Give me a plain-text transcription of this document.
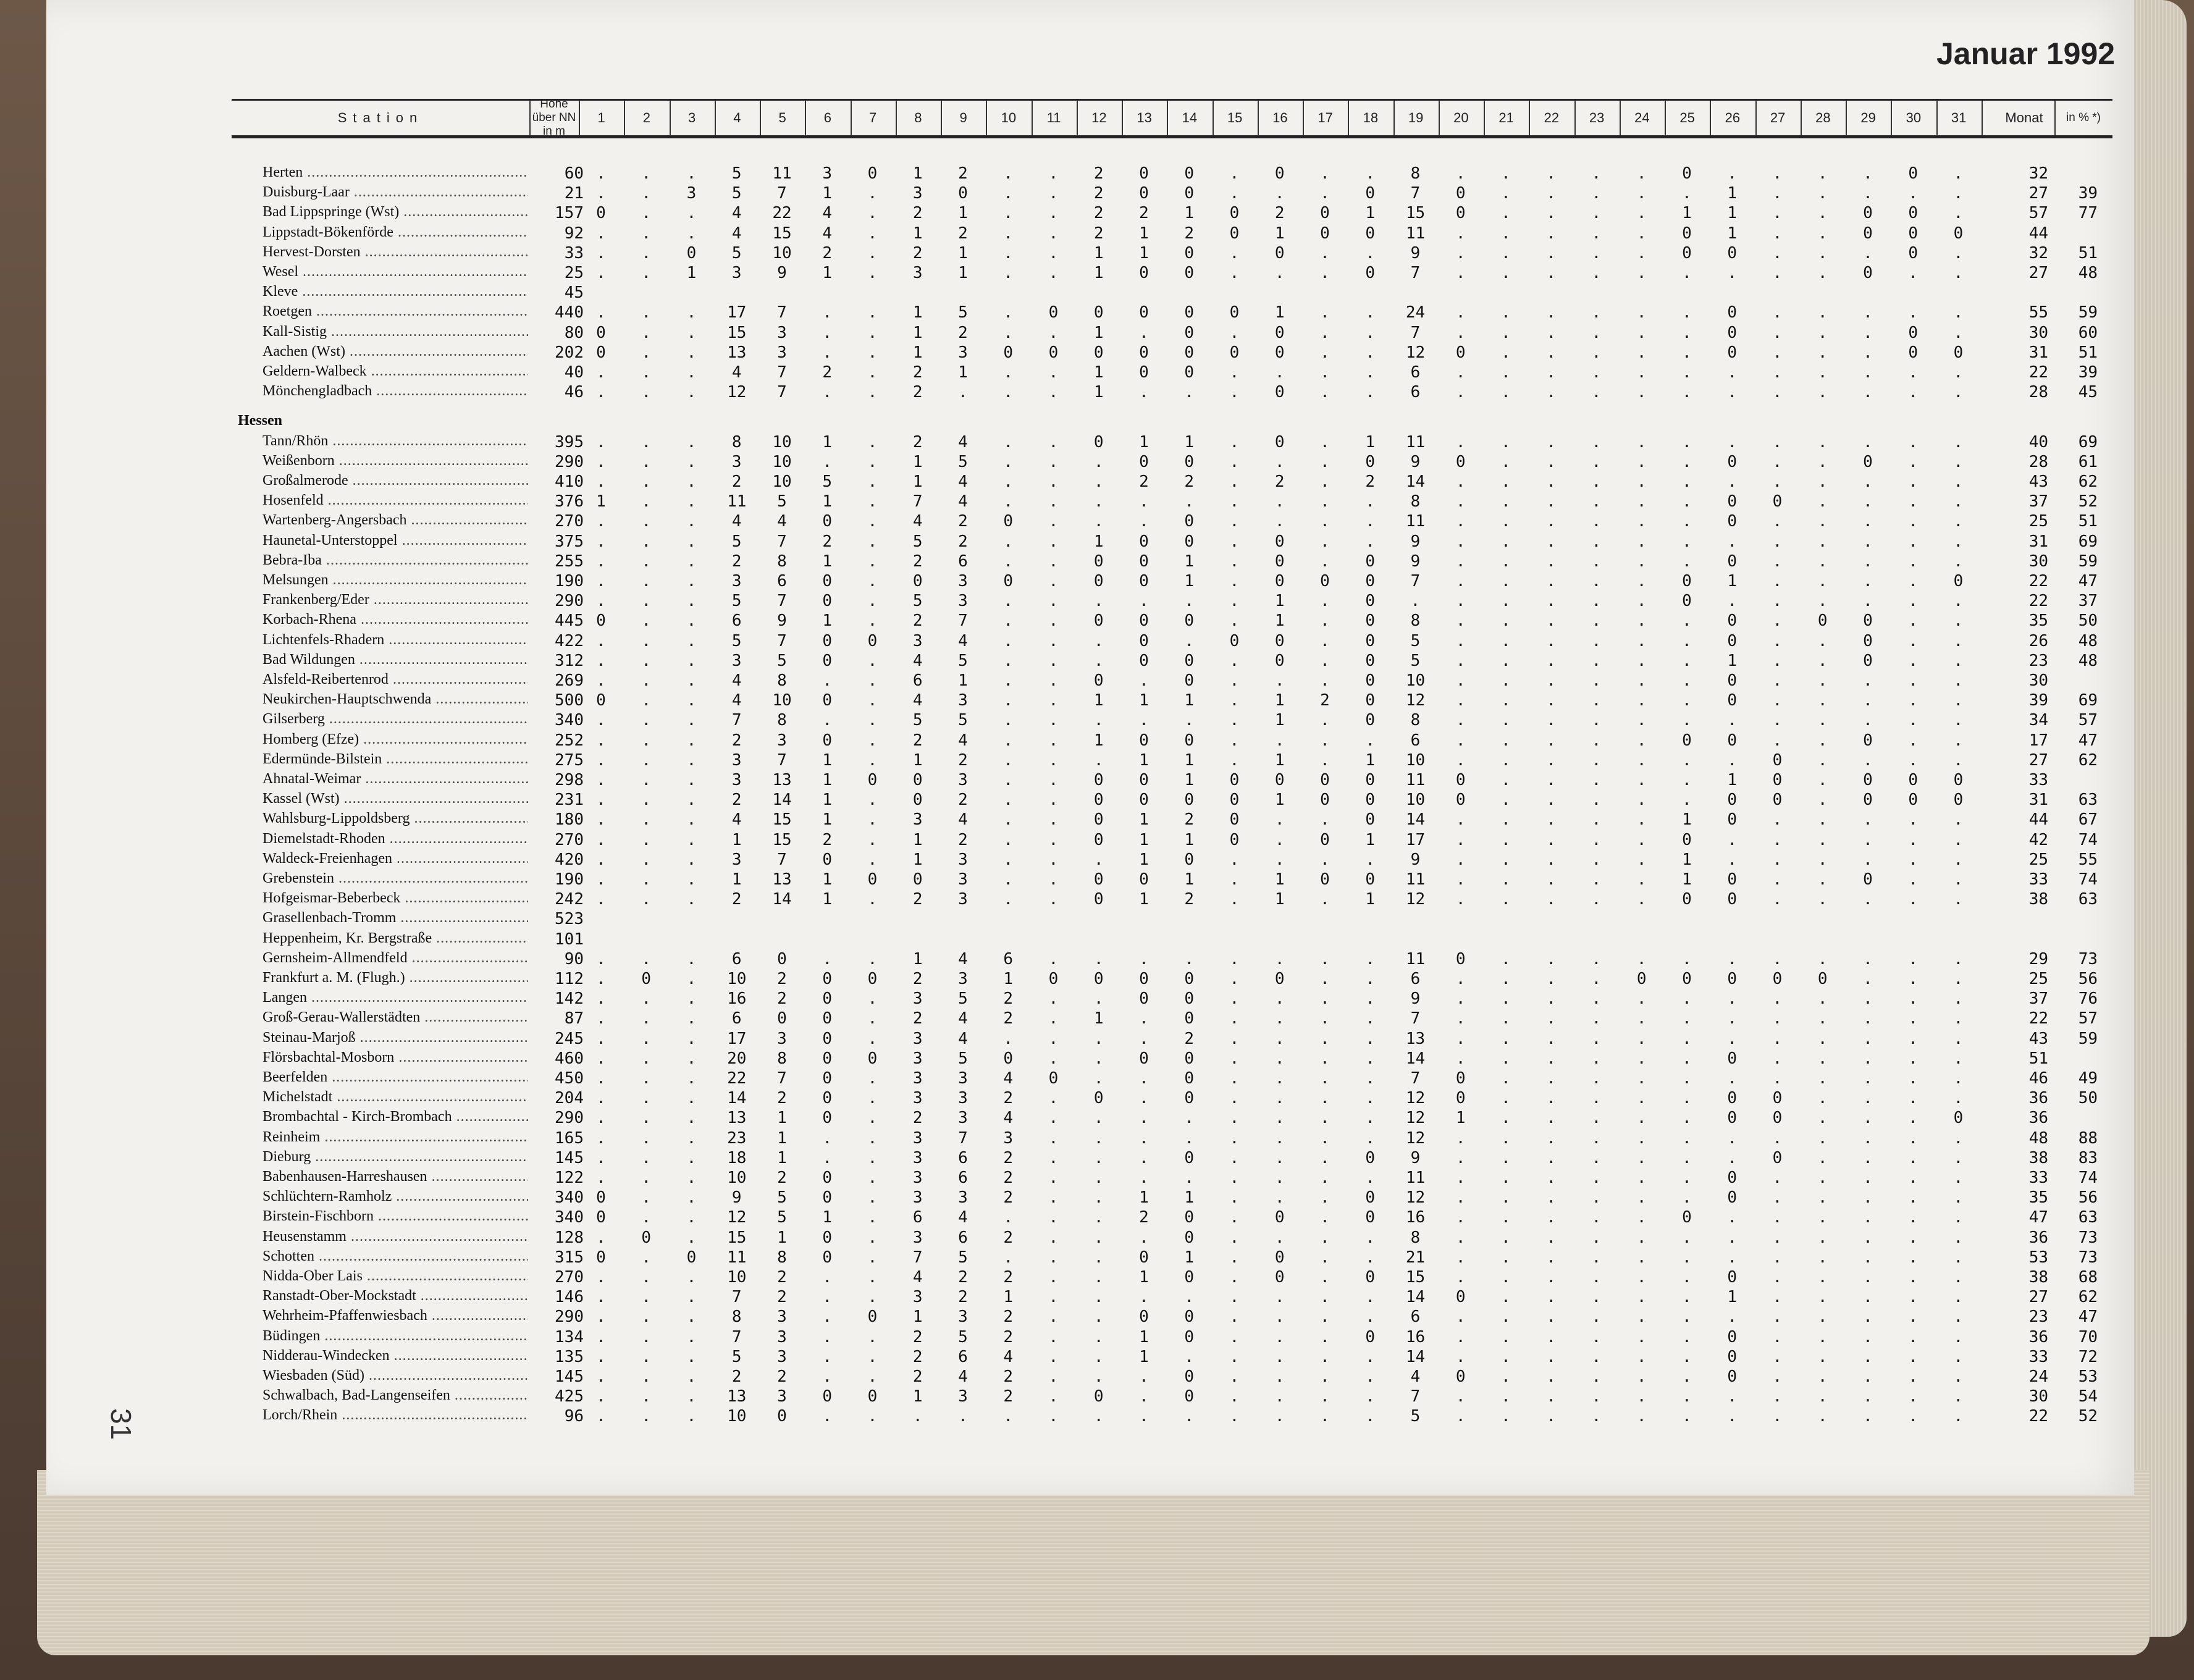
Januar 1992
31
Station
Höhe über NN in m
1	2	3	4	5	6	7	8	9	10	11	12	13	14	15	16	17	18	19	20	21	22	23	24	25	26	27	28	29	30	31	Monat	in % *)
Herten .....	60 .	.	.	5	11	3	0	1	2	.	.	2	0	0	.	0	.	.	8	.	.	.	.	.	0	.	.	.	.	0	.	32
Duisburg-Laar .....	21 .	.	3	5	7	1	.	3	0	.	.	2	0	0	.	.	.	0	7	0	.	.	.	.	.	1	.	.	.	.	.	27	39
Bad Lippspringe (Wst) .....	157 0	.	.	4	22	4	.	2	1	.	.	2	2	1	0	2	0	1	15	0	.	.	.	.	1	1	.	.	0	0	.	57	77
Lippstadt-Bökenförde .....	92 .	.	.	4	15	4	.	1	2	.	.	2	1	2	0	1	0	0	11	.	.	.	.	.	0	1	.	.	0	0	0	44
Hervest-Dorsten .....	33 .	.	0	5	10	2	.	2	1	.	.	1	1	0	.	0	.	.	9	.	.	.	.	.	0	0	.	.	.	0	.	32	51
Wesel .....	25 .	.	1	3	9	1	.	3	1	.	.	1	0	0	.	.	.	0	7	.	.	.	.	.	.	.	.	.	0	.	.	27	48
Kleve .....	45
Roetgen .....	440 .	.	.	17	7	.	.	1	5	.	0	0	0	0	0	1	.	.	24	.	.	.	.	.	.	0	.	.	.	.	.	55	59
Kall-Sistig .....	80 0	.	.	15	3	.	.	1	2	.	.	1	.	0	.	0	.	.	7	.	.	.	.	.	.	0	.	.	.	0	.	30	60
Aachen (Wst) .....	202 0	.	.	13	3	.	.	1	3	0	0	0	0	0	0	0	.	.	12	0	.	.	.	.	.	0	.	.	.	0	0	31	51
Geldern-Walbeck .....	40 .	.	.	4	7	2	.	2	1	.	.	1	0	0	.	.	.	.	6	.	.	.	.	.	.	.	.	.	.	.	.	22	39
Mönchengladbach .....	46 .	.	.	12	7	.	.	2	.	.	.	1	.	.	.	0	.	.	6	.	.	.	.	.	.	.	.	.	.	.	.	28	45
Hessen
Tann/Rhön .....	395 .	.	.	8	10	1	.	2	4	.	.	0	1	1	.	0	.	1	11	.	.	.	.	.	.	.	.	.	.	.	.	40	69
Weißenborn .....	290 .	.	.	3	10	.	.	1	5	.	.	.	0	0	.	.	.	0	9	0	.	.	.	.	.	0	.	.	0	.	.	28	61
Großalmerode .....	410 .	.	.	2	10	5	.	1	4	.	.	.	2	2	.	2	.	2	14	.	.	.	.	.	.	.	.	.	.	.	.	43	62
Hosenfeld .....	376 1	.	.	11	5	1	.	7	4	.	.	.	.	.	.	.	.	.	8	.	.	.	.	.	.	0	0	.	.	.	.	37	52
Wartenberg-Angersbach .....	270 .	.	.	4	4	0	.	4	2	0	.	.	.	0	.	.	.	.	11	.	.	.	.	.	.	0	.	.	.	.	.	25	51
Haunetal-Unterstoppel .....	375 .	.	.	5	7	2	.	5	2	.	.	1	0	0	.	0	.	.	9	.	.	.	.	.	.	.	.	.	.	.	.	31	69
Bebra-Iba .....	255 .	.	.	2	8	1	.	2	6	.	.	0	0	1	.	0	.	0	9	.	.	.	.	.	.	0	.	.	.	.	.	30	59
Melsungen .....	190 .	.	.	3	6	0	.	0	3	0	.	0	0	1	.	0	0	0	7	.	.	.	.	.	0	1	.	.	.	.	0	22	47
Frankenberg/Eder .....	290 .	.	.	5	7	0	.	5	3	.	.	.	.	.	.	1	.	0	.	.	.	.	.	.	0	.	.	.	.	.	.	22	37
Korbach-Rhena .....	445 0	.	.	6	9	1	.	2	7	.	.	0	0	0	.	1	.	0	8	.	.	.	.	.	.	0	.	0	0	.	.	35	50
Lichtenfels-Rhadern .....	422 .	.	.	5	7	0	0	3	4	.	.	.	0	.	0	0	.	0	5	.	.	.	.	.	.	0	.	.	0	.	.	26	48
Bad Wildungen .....	312 .	.	.	3	5	0	.	4	5	.	.	.	0	0	.	0	.	0	5	.	.	.	.	.	.	1	.	.	0	.	.	23	48
Alsfeld-Reibertenrod .....	269 .	.	.	4	8	.	.	6	1	.	.	0	.	0	.	.	.	0	10	.	.	.	.	.	.	0	.	.	.	.	.	30
Neukirchen-Hauptschwenda .....	500 0	.	.	4	10	0	.	4	3	.	.	1	1	1	.	1	2	0	12	.	.	.	.	.	.	0	.	.	.	.	.	39	69
Gilserberg .....	340 .	.	.	7	8	.	.	5	5	.	.	.	.	.	.	1	.	0	8	.	.	.	.	.	.	.	.	.	.	.	.	34	57
Homberg (Efze) .....	252 .	.	.	2	3	0	.	2	4	.	.	1	0	0	.	.	.	.	6	.	.	.	.	.	0	0	.	.	0	.	.	17	47
Edermünde-Bilstein .....	275 .	.	.	3	7	1	.	1	2	.	.	.	1	1	.	1	.	1	10	.	.	.	.	.	.	.	0	.	.	.	.	27	62
Ahnatal-Weimar .....	298 .	.	.	3	13	1	0	0	3	.	.	0	0	1	0	0	0	0	11	0	.	.	.	.	.	1	0	.	0	0	0	33
Kassel (Wst) .....	231 .	.	.	2	14	1	.	0	2	.	.	0	0	0	0	1	0	0	10	0	.	.	.	.	.	0	0	.	0	0	0	31	63
Wahlsburg-Lippoldsberg .....	180 .	.	.	4	15	1	.	3	4	.	.	0	1	2	0	.	.	0	14	.	.	.	.	.	1	0	.	.	.	.	.	44	67
Diemelstadt-Rhoden .....	270 .	.	.	1	15	2	.	1	2	.	.	0	1	1	0	.	0	1	17	.	.	.	.	.	0	.	.	.	.	.	.	42	74
Waldeck-Freienhagen .....	420 .	.	.	3	7	0	.	1	3	.	.	.	1	0	.	.	.	.	9	.	.	.	.	.	1	.	.	.	.	.	.	25	55
Grebenstein .....	190 .	.	.	1	13	1	0	0	3	.	.	0	0	1	.	1	0	0	11	.	.	.	.	.	1	0	.	.	0	.	.	33	74
Hofgeismar-Beberbeck .....	242 .	.	.	2	14	1	.	2	3	.	.	0	1	2	.	1	.	1	12	.	.	.	.	.	0	0	.	.	.	.	.	38	63
Grasellenbach-Tromm .....	523
Heppenheim, Kr. Bergstraße .....	101
Gernsheim-Allmendfeld .....	90 .	.	.	6	0	.	.	1	4	6	.	.	.	.	.	.	.	.	11	0	.	.	.	.	.	.	.	.	.	.	.	29	73
Frankfurt a. M. (Flugh.) .....	112 .	0	.	10	2	0	0	2	3	1	0	0	0	0	.	0	.	.	6	.	.	.	.	0	0	0	0	0	.	.	.	25	56
Langen .....	142 .	.	.	16	2	0	.	3	5	2	.	.	0	0	.	.	.	.	9	.	.	.	.	.	.	.	.	.	.	.	.	37	76
Groß-Gerau-Wallerstädten .....	87 .	.	.	6	0	0	.	2	4	2	.	1	.	0	.	.	.	.	7	.	.	.	.	.	.	.	.	.	.	.	.	22	57
Steinau-Marjoß .....	245 .	.	.	17	3	0	.	3	4	.	.	.	.	2	.	.	.	.	13	.	.	.	.	.	.	.	.	.	.	.	.	43	59
Flörsbachtal-Mosborn .....	460 .	.	.	20	8	0	0	3	5	0	.	.	0	0	.	.	.	.	14	.	.	.	.	.	.	0	.	.	.	.	.	51
Beerfelden .....	450 .	.	.	22	7	0	.	3	3	4	0	.	.	0	.	.	.	.	7	0	.	.	.	.	.	.	.	.	.	.	.	46	49
Michelstadt .....	204 .	.	.	14	2	0	.	3	3	2	.	0	.	0	.	.	.	.	12	0	.	.	.	.	.	0	0	.	.	.	.	36	50
Brombachtal - Kirch-Brombach .....	290 .	.	.	13	1	0	.	2	3	4	.	.	.	.	.	.	.	.	12	1	.	.	.	.	.	0	0	.	.	.	0	36
Reinheim .....	165 .	.	.	23	1	.	.	3	7	3	.	.	.	.	.	.	.	.	12	.	.	.	.	.	.	.	.	.	.	.	.	48	88
Dieburg .....	145 .	.	.	18	1	.	.	3	6	2	.	.	.	0	.	.	.	0	9	.	.	.	.	.	.	.	0	.	.	.	.	38	83
Babenhausen-Harreshausen .....	122 .	.	.	10	2	0	.	3	6	2	.	.	.	.	.	.	.	.	11	.	.	.	.	.	.	0	.	.	.	.	.	33	74
Schlüchtern-Ramholz .....	340 0	.	.	9	5	0	.	3	3	2	.	.	1	1	.	.	.	0	12	.	.	.	.	.	.	0	.	.	.	.	.	35	56
Birstein-Fischborn .....	340 0	.	.	12	5	1	.	6	4	.	.	.	2	0	.	0	.	0	16	.	.	.	.	.	0	.	.	.	.	.	.	47	63
Heusenstamm .....	128 .	0	.	15	1	0	.	3	6	2	.	.	.	0	.	.	.	.	8	.	.	.	.	.	.	.	.	.	.	.	.	36	73
Schotten .....	315 0	.	0	11	8	0	.	7	5	.	.	.	0	1	.	0	.	.	21	.	.	.	.	.	.	.	.	.	.	.	.	53	73
Nidda-Ober Lais .....	270 .	.	.	10	2	.	.	4	2	2	.	.	1	0	.	0	.	0	15	.	.	.	.	.	.	0	.	.	.	.	.	38	68
Ranstadt-Ober-Mockstadt .....	146 .	.	.	7	2	.	.	3	2	1	.	.	.	.	.	.	.	.	14	0	.	.	.	.	.	1	.	.	.	.	.	27	62
Wehrheim-Pfaffenwiesbach .....	290 .	.	.	8	3	.	0	1	3	2	.	.	0	0	.	.	.	.	6	.	.	.	.	.	.	.	.	.	.	.	.	23	47
Büdingen .....	134 .	.	.	7	3	.	.	2	5	2	.	.	1	0	.	.	.	0	16	.	.	.	.	.	.	0	.	.	.	.	.	36	70
Nidderau-Windecken .....	135 .	.	.	5	3	.	.	2	6	4	.	.	1	.	.	.	.	.	14	.	.	.	.	.	.	0	.	.	.	.	.	33	72
Wiesbaden (Süd) .....	145 .	.	.	2	2	.	.	2	4	2	.	.	.	0	.	.	.	.	4	0	.	.	.	.	.	0	.	.	.	.	.	24	53
Schwalbach, Bad-Langenseifen .....	425 .	.	.	13	3	0	0	1	3	2	.	0	.	0	.	.	.	.	7	.	.	.	.	.	.	.	.	.	.	.	.	30	54
Lorch/Rhein .....	96 .	.	.	10	0	.	.	.	.	.	.	.	.	.	.	.	.	.	5	.	.	.	.	.	.	.	.	.	.	.	.	22	52
